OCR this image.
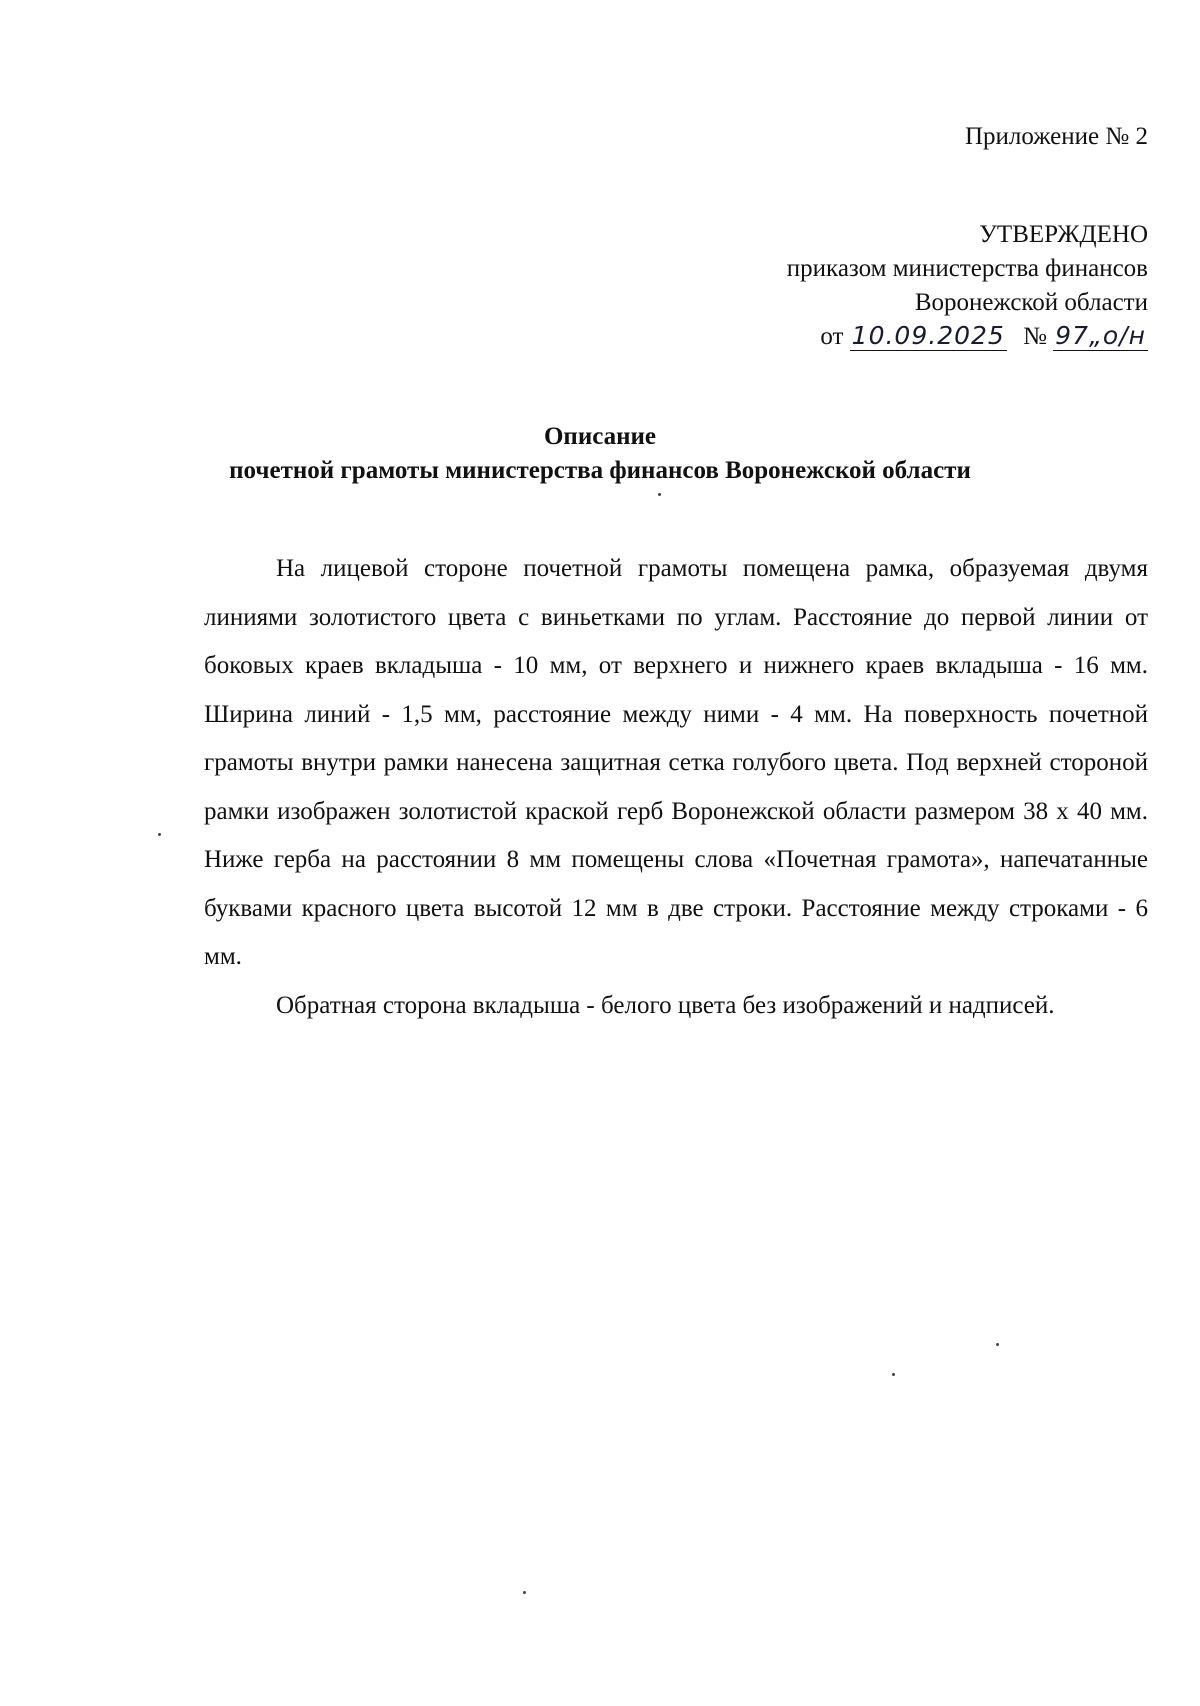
Приложение № 2
УТВЕРЖДЕНО
приказом министерства финансов
Воронежской области
от 10.09.2025 № 97„о/н
Описание
почетной грамоты министерства финансов Воронежской области

На лицевой стороне почетной грамоты помещена рамка, образуемая двумя линиями золотистого цвета с виньетками по углам. Расстояние до первой линии от боковых краев вкладыша - 10 мм, от верхнего и нижнего краев вкладыша - 16 мм. Ширина линий - 1,5 мм, расстояние между ними - 4 мм. На поверхность почетной грамоты внутри рамки нанесена защитная сетка голубого цвета. Под верхней стороной рамки изображен золотистой краской герб Воронежской области размером 38 х 40 мм. Ниже герба на расстоянии 8 мм помещены слова «Почетная грамота», напечатанные буквами красного цвета высотой 12 мм в две строки. Расстояние между строками - 6 мм.

Обратная сторона вкладыша - белого цвета без изображений и надписей.
